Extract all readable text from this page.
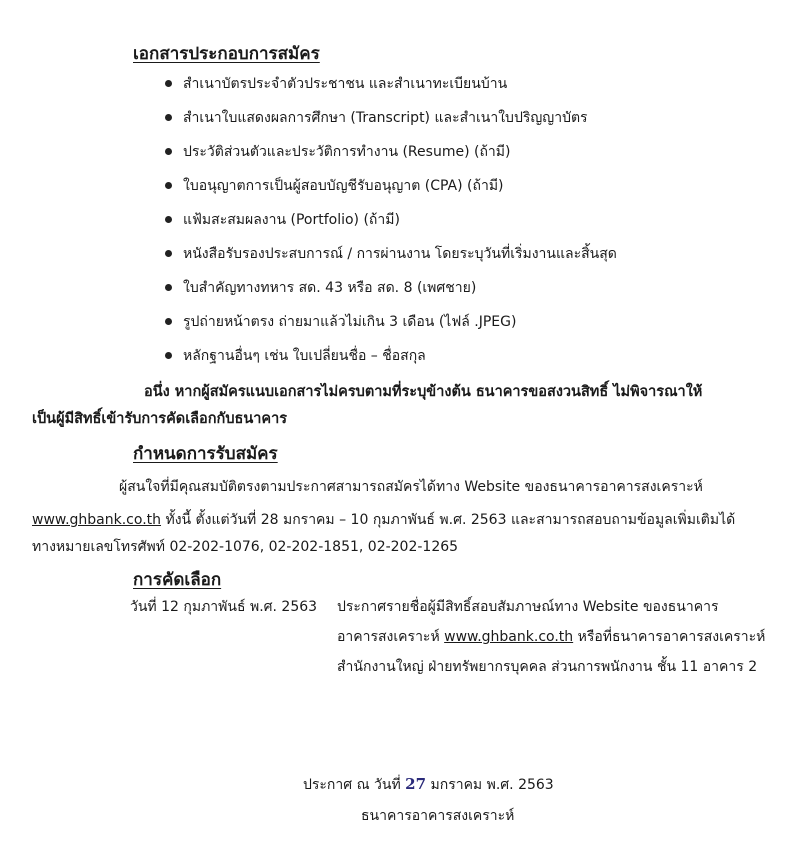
เอกสารประกอบการสมัคร
สำเนาบัตรประจำตัวประชาชน และสำเนาทะเบียนบ้าน
สำเนาใบแสดงผลการศึกษา (Transcript) และสำเนาใบปริญญาบัตร
ประวัติส่วนตัวและประวัติการทำงาน (Resume) (ถ้ามี)
ใบอนุญาตการเป็นผู้สอบบัญชีรับอนุญาต (CPA) (ถ้ามี)
แฟ้มสะสมผลงาน (Portfolio) (ถ้ามี)
หนังสือรับรองประสบการณ์ / การผ่านงาน โดยระบุวันที่เริ่มงานและสิ้นสุด
ใบสำคัญทางทหาร สด. 43 หรือ สด. 8 (เพศชาย)
รูปถ่ายหน้าตรง ถ่ายมาแล้วไม่เกิน 3 เดือน (ไฟล์ .JPEG)
หลักฐานอื่นๆ เช่น ใบเปลี่ยนชื่อ – ชื่อสกุล
อนึ่ง หากผู้สมัครแนบเอกสารไม่ครบตามที่ระบุข้างต้น ธนาคารขอสงวนสิทธิ์ ไม่พิจารณาให้
เป็นผู้มีสิทธิ์เข้ารับการคัดเลือกกับธนาคาร
กำหนดการรับสมัคร
ผู้สนใจที่มีคุณสมบัติตรงตามประกาศสามารถสมัครได้ทาง Website ของธนาคารอาคารสงเคราะห์
www.ghbank.co.th ทั้งนี้ ตั้งแต่วันที่ 28 มกราคม – 10 กุมภาพันธ์ พ.ศ. 2563 และสามารถสอบถามข้อมูลเพิ่มเติมได้
ทางหมายเลขโทรศัพท์ 02-202-1076, 02-202-1851, 02-202-1265
การคัดเลือก
วันที่ 12 กุมภาพันธ์ พ.ศ. 2563 ประกาศรายชื่อผู้มีสิทธิ์สอบสัมภาษณ์ทาง Website ของธนาคาร
อาคารสงเคราะห์ www.ghbank.co.th หรือที่ธนาคารอาคารสงเคราะห์
สำนักงานใหญ่ ฝ่ายทรัพยากรบุคคล ส่วนการพนักงาน ชั้น 11 อาคาร 2
ประกาศ ณ วันที่ 27 มกราคม พ.ศ. 2563
ธนาคารอาคารสงเคราะห์
